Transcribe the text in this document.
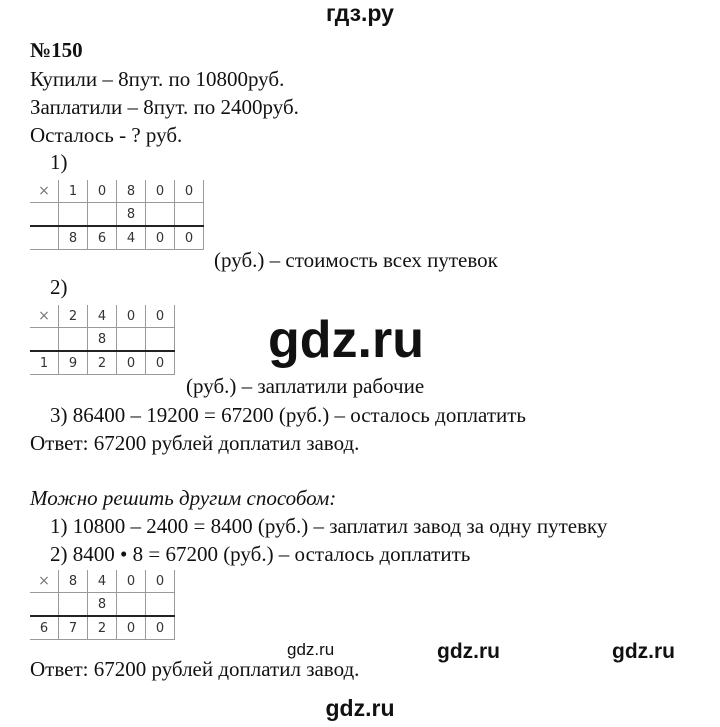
гдз.ру
№150
Купили – 8пут. по 10800руб.
Заплатили – 8пут. по 2400руб.
Осталось - ? руб.
1)
×	1	0	8	0	0
			8		
	8	6	4	0	0
(руб.) – стоимость всех путевок
2)
×	2	4	0	0
		8		
1	9	2	0	0
(руб.) – заплатили рабочие
gdz.ru
3) 86400 – 19200 = 67200 (руб.) – осталось доплатить
Ответ: 67200 рублей доплатил завод.
Можно решить другим способом:
1) 10800 – 2400 = 8400 (руб.) – заплатил завод за одну путевку
2) 8400 • 8 = 67200 (руб.) – осталось доплатить
×	8	4	0	0
		8		
6	7	2	0	0
gdz.ru	gdz.ru	gdz.ru
Ответ: 67200 рублей доплатил завод.
gdz.ru
